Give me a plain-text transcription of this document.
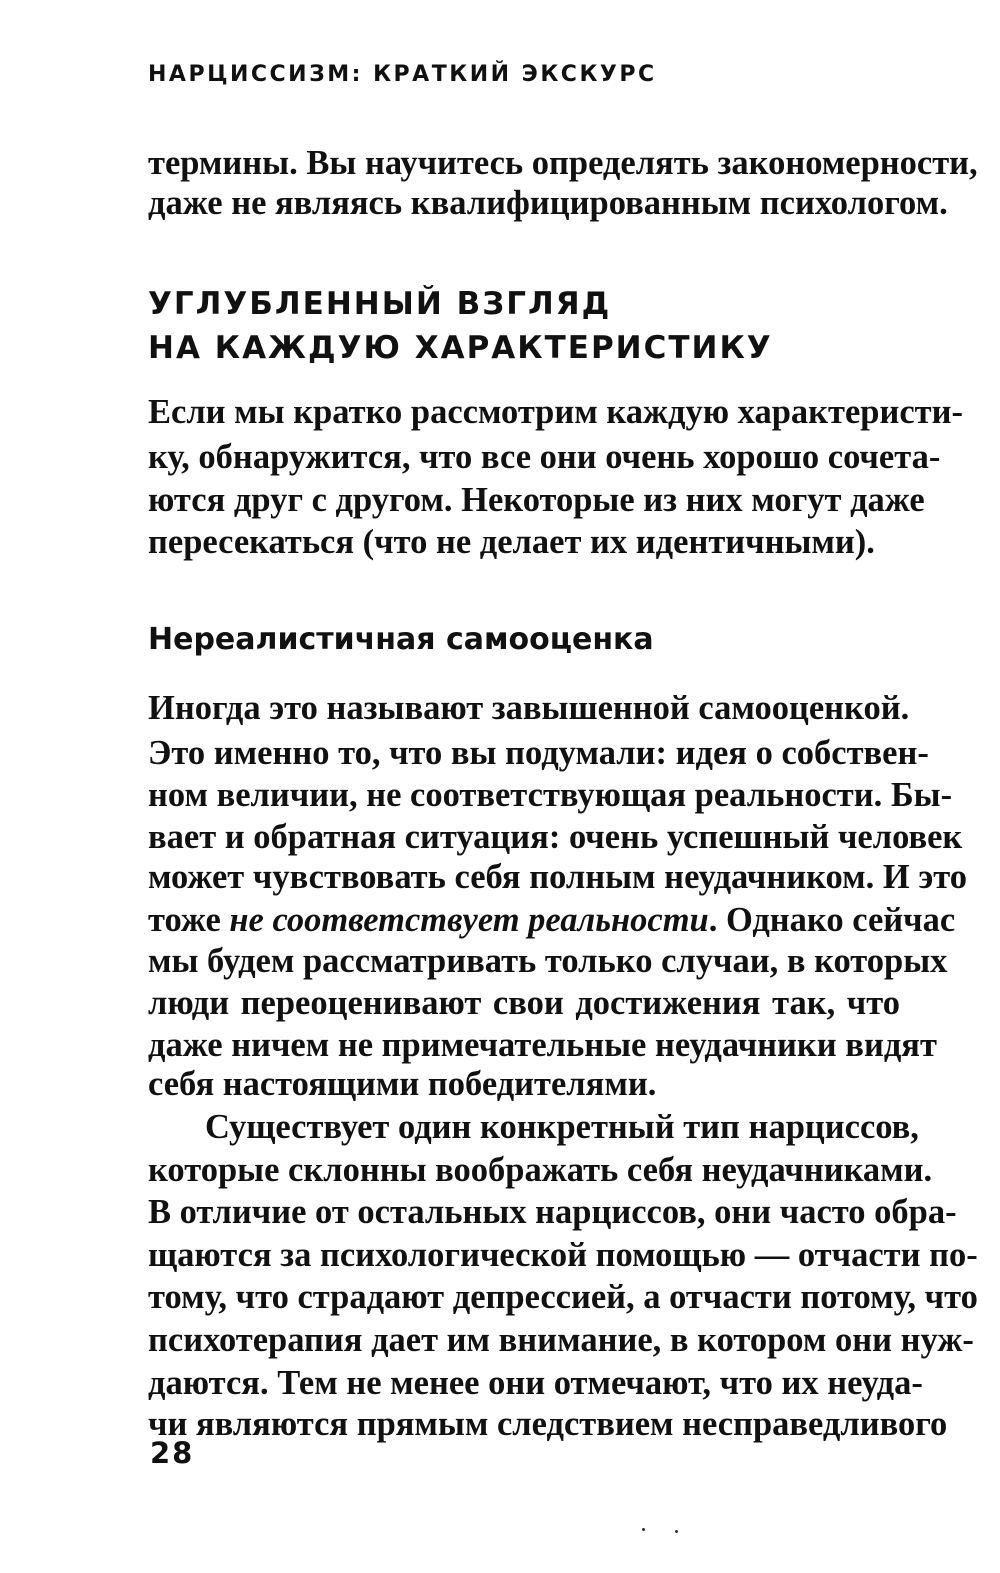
НАРЦИССИЗМ: КРАТКИЙ ЭКСКУРС
термины. Вы научитесь определять закономерности,
даже не являясь квалифицированным психологом.
УГЛУБЛЕННЫЙ ВЗГЛЯД
НА КАЖДУЮ ХАРАКТЕРИСТИКУ
Если мы кратко рассмотрим каждую характеристи-
ку, обнаружится, что все они очень хорошо сочета-
ются друг с другом. Некоторые из них могут даже
пересекаться (что не делает их идентичными).
Нереалистичная самооценка
Иногда это называют завышенной самооценкой.
Это именно то, что вы подумали: идея о собствен-
ном величии, не соответствующая реальности. Бы-
вает и обратная ситуация: очень успешный человек
может чувствовать себя полным неудачником. И это
тоже не соответствует реальности. Однако сейчас
мы будем рассматривать только случаи, в которых
люди переоценивают свои достижения так, что
даже ничем не примечательные неудачники видят
себя настоящими победителями.
Существует один конкретный тип нарциссов,
которые склонны воображать себя неудачниками.
В отличие от остальных нарциссов, они часто обра-
щаются за психологической помощью — отчасти по-
тому, что страдают депрессией, а отчасти потому, что
психотерапия дает им внимание, в котором они нуж-
даются. Тем не менее они отмечают, что их неуда-
чи являются прямым следствием несправедливого
28
